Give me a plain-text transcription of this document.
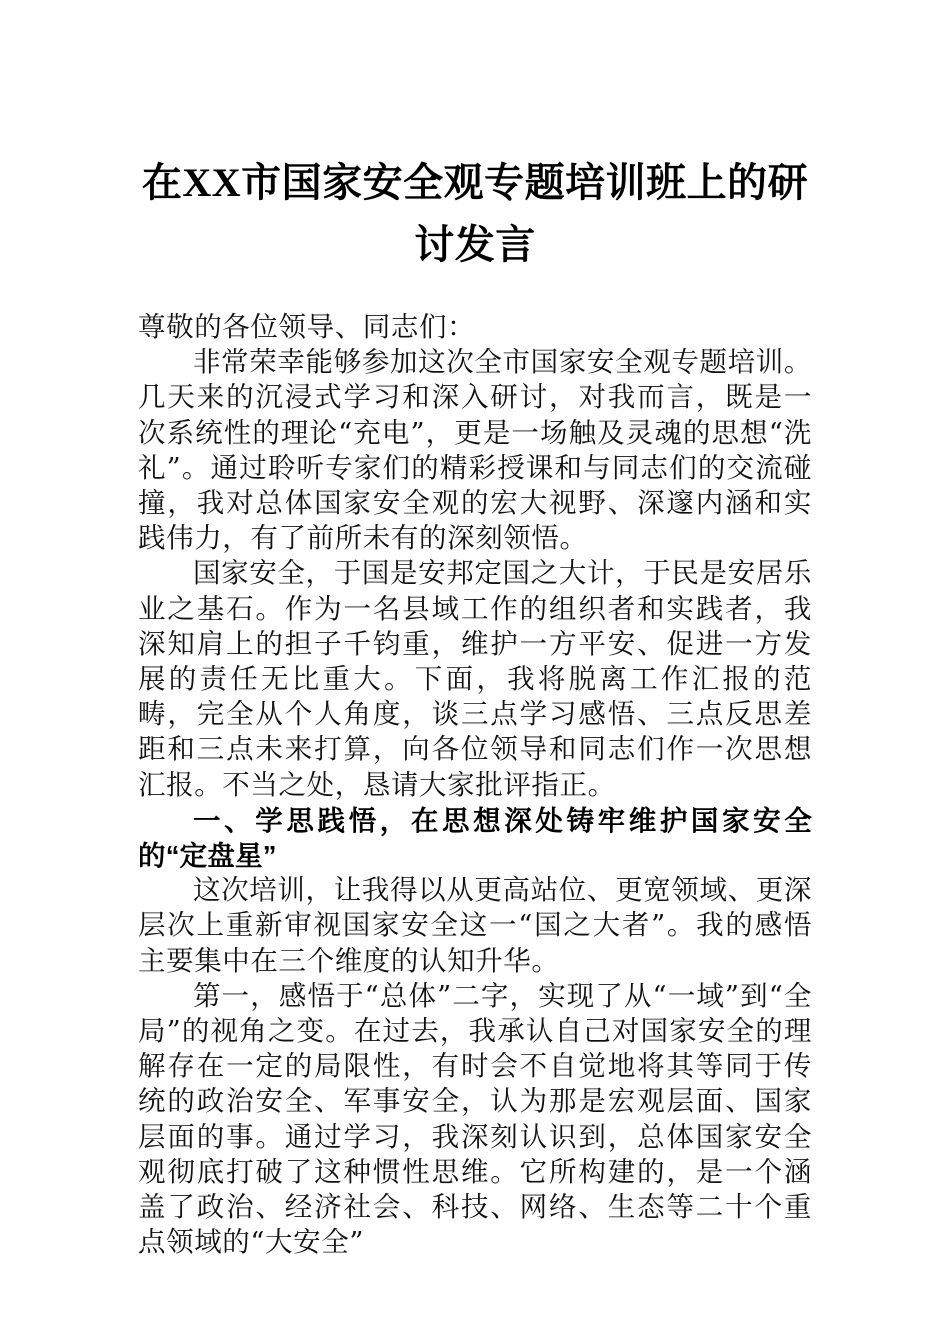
在XX市国家安全观专题培训班上的研讨发言

尊敬的各位领导、同志们：

非常荣幸能够参加这次全市国家安全观专题培训。几天来的沉浸式学习和深入研讨，对我而言，既是一次系统性的理论“充电”，更是一场触及灵魂的思想“洗礼”。通过聆听专家们的精彩授课和与同志们的交流碰撞，我对总体国家安全观的宏大视野、深邃内涵和实践伟力，有了前所未有的深刻领悟。

国家安全，于国是安邦定国之大计，于民是安居乐业之基石。作为一名县域工作的组织者和实践者，我深知肩上的担子千钧重，维护一方平安、促进一方发展的责任无比重大。下面，我将脱离工作汇报的范畴，完全从个人角度，谈三点学习感悟、三点反思差距和三点未来打算，向各位领导和同志们作一次思想汇报。不当之处，恳请大家批评指正。

一、学思践悟，在思想深处铸牢维护国家安全的“定盘星”

这次培训，让我得以从更高站位、更宽领域、更深层次上重新审视国家安全这一“国之大者”。我的感悟主要集中在三个维度的认知升华。

第一，感悟于“总体”二字，实现了从“一域”到“全局”的视角之变。在过去，我承认自己对国家安全的理解存在一定的局限性，有时会不自觉地将其等同于传统的政治安全、军事安全，认为那是宏观层面、国家层面的事。通过学习，我深刻认识到，总体国家安全观彻底打破了这种惯性思维。它所构建的，是一个涵盖了政治、经济社会、科技、网络、生态等二十个重点领域的“大安全”
